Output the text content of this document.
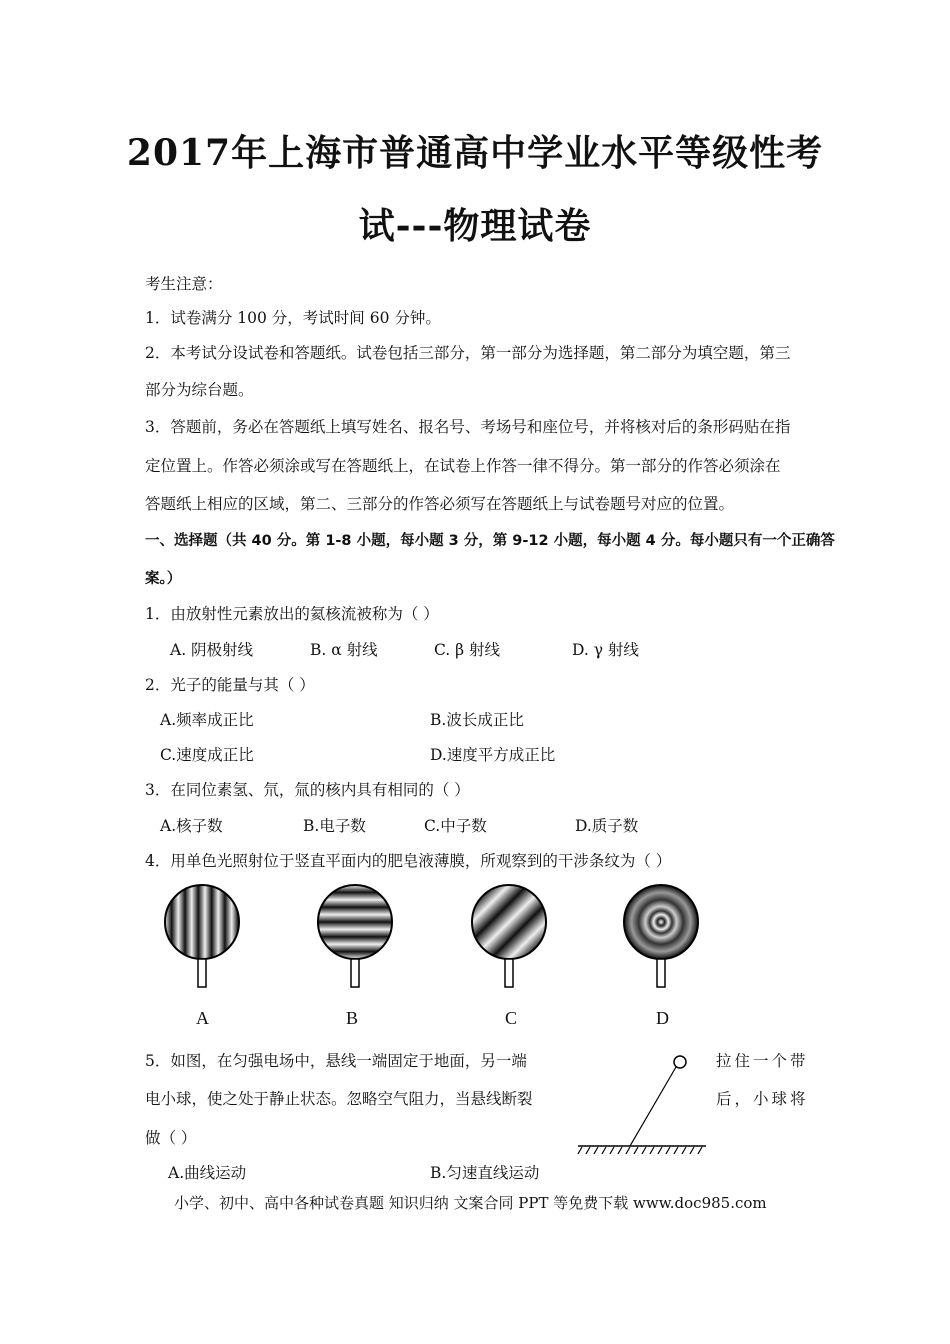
2017年上海市普通高中学业水平等级性考
试---物理试卷
考生注意：
1．试卷满分 100 分，考试时间 60 分钟。
2．本考试分设试卷和答题纸。试卷包括三部分，第一部分为选择题，第二部分为填空题，第三
部分为综台题。
3．答题前，务必在答题纸上填写姓名、报名号、考场号和座位号，并将核对后的条形码贴在指
定位置上。作答必须涂或写在答题纸上，在试卷上作答一律不得分。第一部分的作答必须涂在
答题纸上相应的区域，第二、三部分的作答必须写在答题纸上与试卷题号对应的位置。
一、选择题（共 40 分。第 1-8 小题，每小题 3 分，第 9-12 小题，每小题 4 分。每小题只有一个正确答
案。）
1．由放射性元素放出的氦核流被称为（ ）
A. 阴极射线	B. α 射线	C. β 射线	D. γ 射线
2．光子的能量与其（ ）
A.频率成正比	B.波长成正比
C.速度成正比	D.速度平方成正比
3．在同位素氢、氘，氚的核内具有相同的（ ）
A.核子数	B.电子数	C.中子数	D.质子数
4．用单色光照射位于竖直平面内的肥皂液薄膜，所观察到的干涉条纹为（ ）
A	B	C	D
5．如图，在匀强电场中，悬线一端固定于地面，另一端	拉住一个带
电小球，使之处于静止状态。忽略空气阻力，当悬线断裂	后，小球将
做（ ）
A.曲线运动	B.匀速直线运动
小学、初中、高中各种试卷真题 知识归纳 文案合同 PPT 等免费下载 www.doc985.com
